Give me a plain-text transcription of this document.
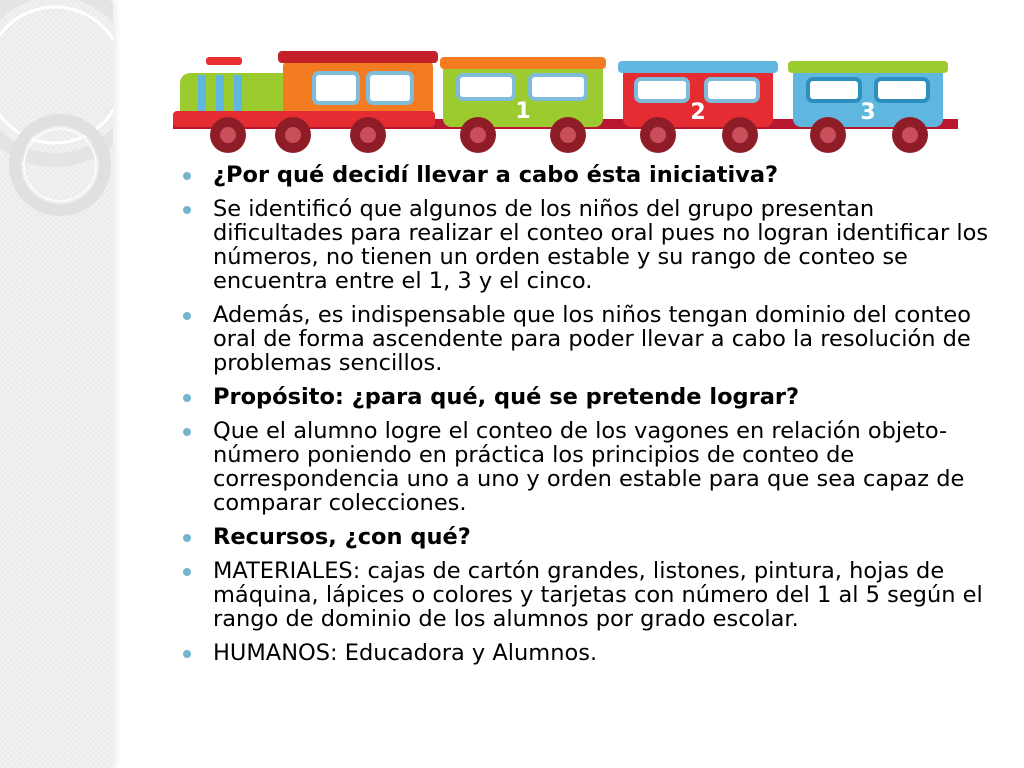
1	2	3
¿Por qué decidí llevar a cabo ésta iniciativa?
Se identificó que algunos de los niños del grupo presentan dificultades para realizar el conteo oral pues no logran identificar los números, no tienen un orden estable y su rango de conteo se encuentra entre el 1, 3 y el cinco.
Además, es indispensable que los niños tengan dominio del conteo oral de forma ascendente para poder llevar a cabo la resolución de problemas sencillos.
Propósito: ¿para qué, qué se pretende lograr?
Que el alumno logre el conteo de los vagones en relación objeto-número poniendo en práctica los principios de conteo de correspondencia uno a uno y orden estable para que sea capaz de comparar colecciones.
Recursos, ¿con qué?
MATERIALES: cajas de cartón grandes, listones, pintura, hojas de máquina, lápices o colores y tarjetas con número del 1 al 5 según el rango de dominio de los alumnos por grado escolar.
HUMANOS: Educadora y Alumnos.
